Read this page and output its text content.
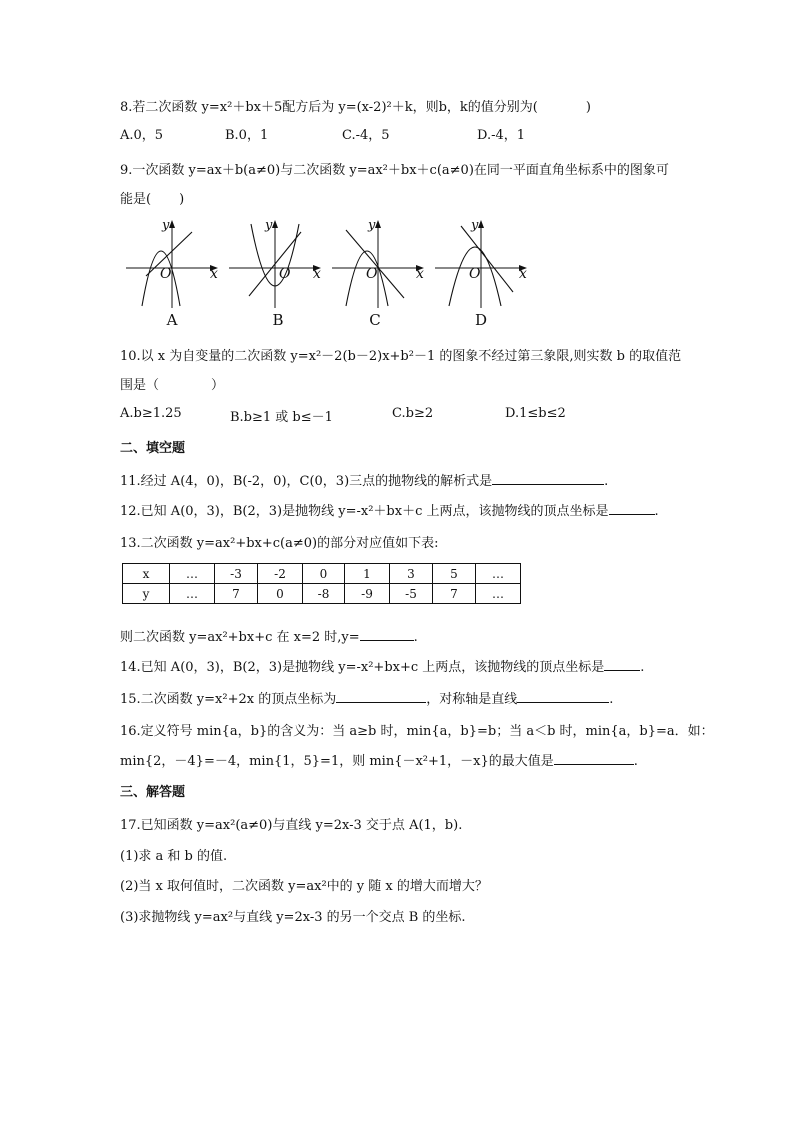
8.若二次函数 y=x²＋bx＋5配方后为 y=(x-2)²＋k，则b，k的值分别为(	)
A.0，5	B.0，1	C.-4，5	D.-4，1
9.一次函数 y=ax＋b(a≠0)与二次函数 y=ax²＋bx＋c(a≠0)在同一平面直角坐标系中的图象可
能是( )
y
O	x
A
y
O x
B
y
O	x
C
y
O	x
D
10.以 x 为自变量的二次函数 y=x²－2(b－2)x+b²－1 的图象不经过第三象限,则实数 b 的取值范
围是（	）
A.b≥1.25	B.b≥1 或 b≤－1	C.b≥2	D.1≤b≤2
二、填空题
11.经过 A(4，0)，B(-2，0)，C(0，3)三点的抛物线的解析式是	.
12.已知 A(0，3)，B(2，3)是抛物线 y=-x²＋bx＋c 上两点，该抛物线的顶点坐标是	.
13.二次函数 y=ax²+bx+c(a≠0)的部分对应值如下表:
x	…	-3	-2	0	1	3	5	…
y	…	7	0	-8	-9	-5	7	…
则二次函数 y=ax²+bx+c 在 x=2 时,y=	.
14.已知 A(0，3)，B(2，3)是抛物线 y=-x²+bx+c 上两点，该抛物线的顶点坐标是	.
15.二次函数 y=x²+2x 的顶点坐标为	，对称轴是直线	.
16.定义符号 min{a，b}的含义为：当 a≥b 时，min{a，b}=b；当 a＜b 时，min{a，b}=a．如：
min{2，－4}=－4，min{1，5}=1，则 min{－x²+1，－x}的最大值是	.
三、解答题
17.已知函数 y=ax²(a≠0)与直线 y=2x-3 交于点 A(1，b).
(1)求 a 和 b 的值.
(2)当 x 取何值时，二次函数 y=ax²中的 y 随 x 的增大而增大？
(3)求抛物线 y=ax²与直线 y=2x-3 的另一个交点 B 的坐标.
